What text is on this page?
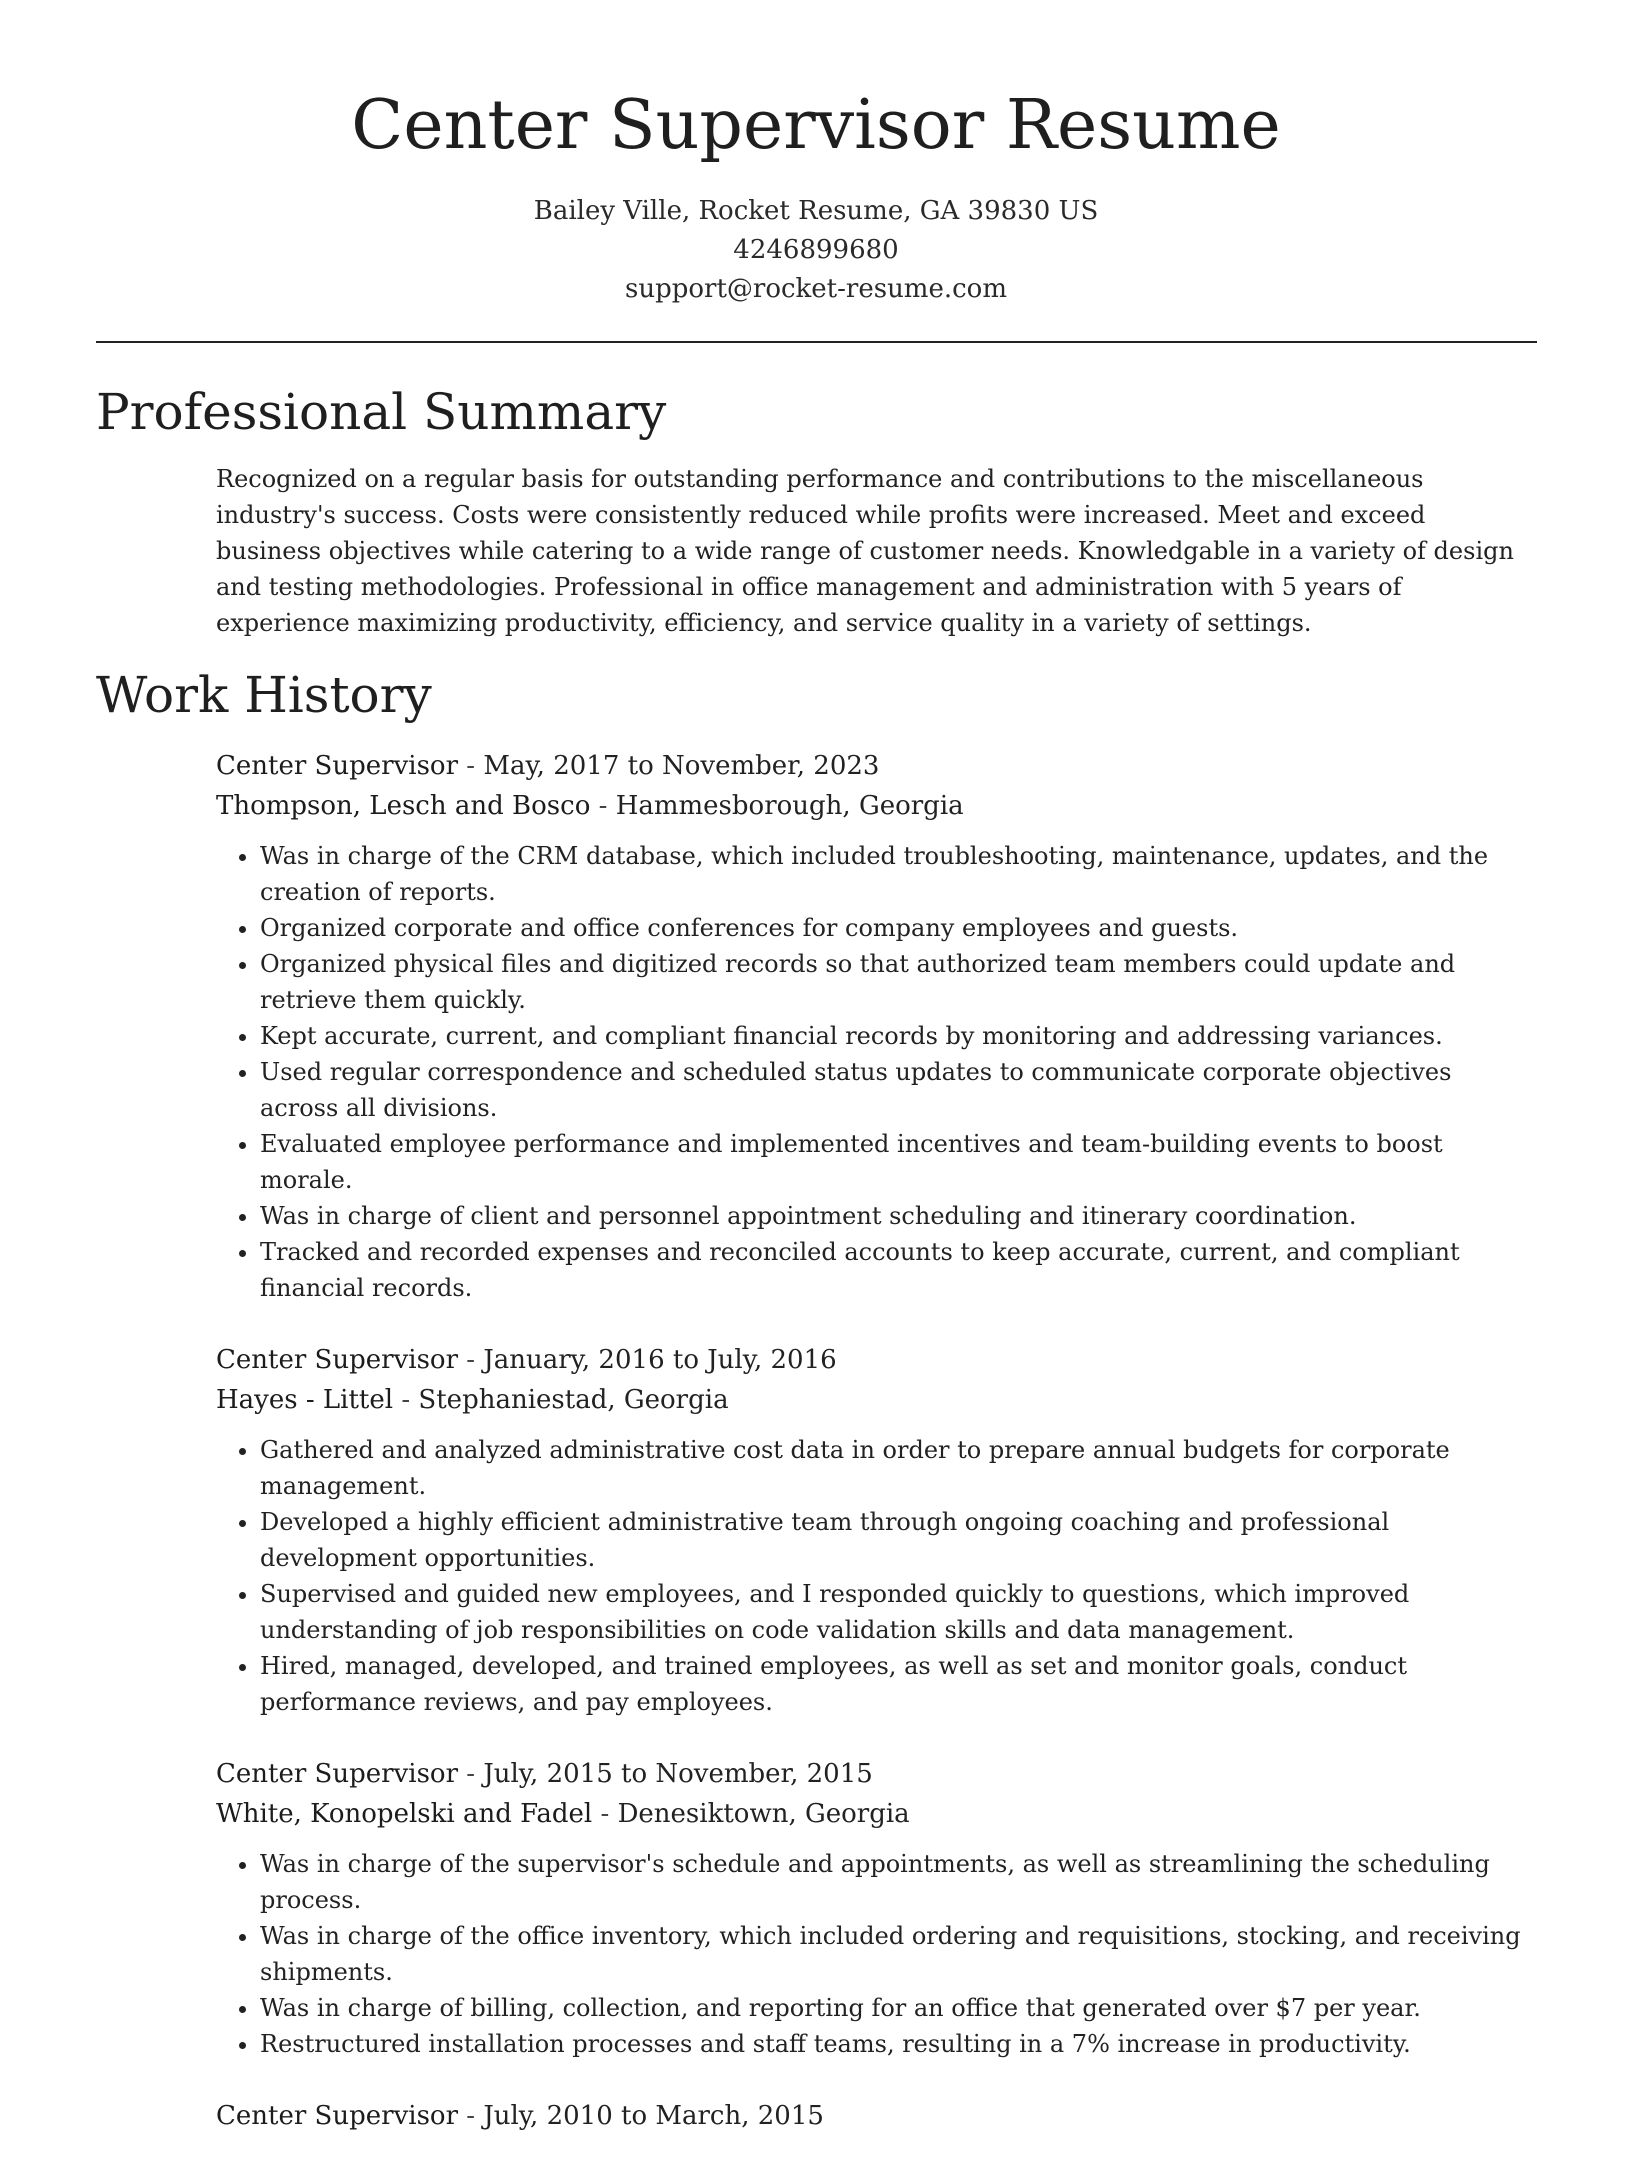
Center Supervisor Resume
Bailey Ville, Rocket Resume, GA 39830 US
4246899680
support@rocket-resume.com
Professional Summary

Recognized on a regular basis for outstanding performance and contributions to the miscellaneous industry's success. Costs were consistently reduced while profits were increased. Meet and exceed business objectives while catering to a wide range of customer needs. Knowledgable in a variety of design and testing methodologies. Professional in office management and administration with 5 years of experience maximizing productivity, efficiency, and service quality in a variety of settings.

Work History
Center Supervisor - May, 2017 to November, 2023
Thompson, Lesch and Bosco - Hammesborough, Georgia
• Was in charge of the CRM database, which included troubleshooting, maintenance, updates, and the creation of reports.
• Organized corporate and office conferences for company employees and guests.
• Organized physical files and digitized records so that authorized team members could update and retrieve them quickly.
• Kept accurate, current, and compliant financial records by monitoring and addressing variances.
• Used regular correspondence and scheduled status updates to communicate corporate objectives across all divisions.
• Evaluated employee performance and implemented incentives and team-building events to boost morale.
• Was in charge of client and personnel appointment scheduling and itinerary coordination.
• Tracked and recorded expenses and reconciled accounts to keep accurate, current, and compliant financial records.
Center Supervisor - January, 2016 to July, 2016
Hayes - Littel - Stephaniestad, Georgia
• Gathered and analyzed administrative cost data in order to prepare annual budgets for corporate management.
• Developed a highly efficient administrative team through ongoing coaching and professional development opportunities.
• Supervised and guided new employees, and I responded quickly to questions, which improved understanding of job responsibilities on code validation skills and data management.
• Hired, managed, developed, and trained employees, as well as set and monitor goals, conduct performance reviews, and pay employees.
Center Supervisor - July, 2015 to November, 2015
White, Konopelski and Fadel - Denesiktown, Georgia
• Was in charge of the supervisor's schedule and appointments, as well as streamlining the scheduling process.
• Was in charge of the office inventory, which included ordering and requisitions, stocking, and receiving shipments.
• Was in charge of billing, collection, and reporting for an office that generated over $7 per year.
• Restructured installation processes and staff teams, resulting in a 7% increase in productivity.
Center Supervisor - July, 2010 to March, 2015
